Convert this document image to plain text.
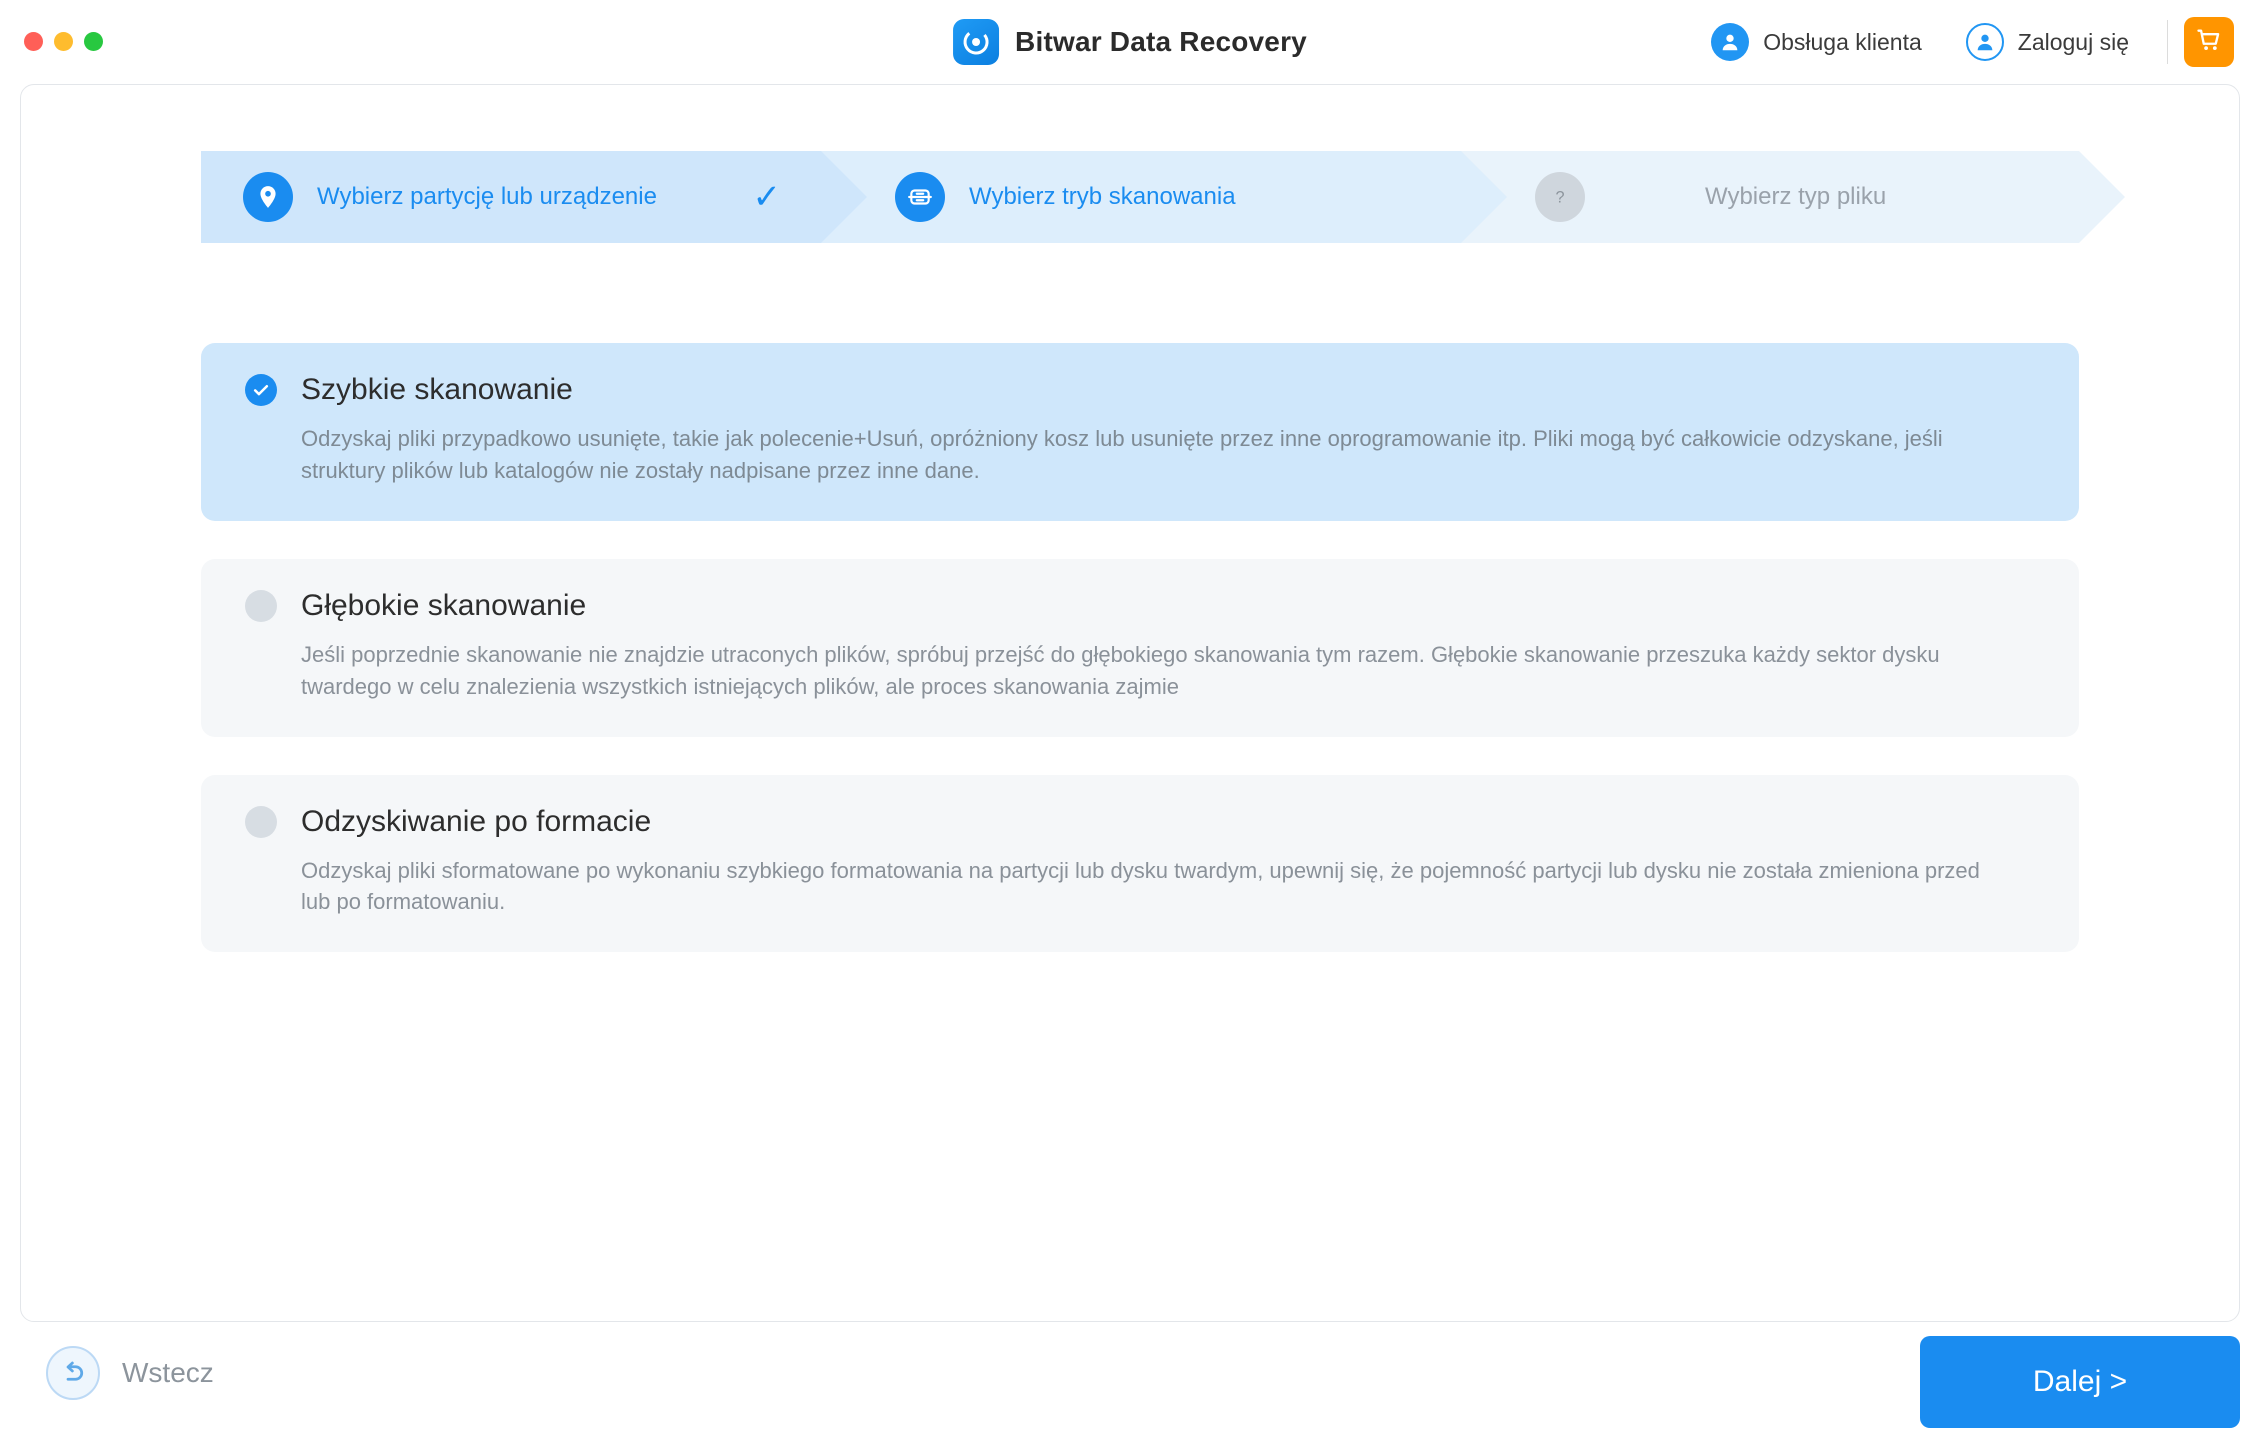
Bitwar Data Recovery	Obsługa klienta	Zaloguj się
Wybierz partycję lub urządzenie	✓	Wybierz tryb skanowania	?	Wybierz typ pliku
Szybkie skanowanie
Odzyskaj pliki przypadkowo usunięte, takie jak polecenie+Usuń, opróżniony kosz lub usunięte przez inne oprogramowanie itp. Pliki mogą być całkowicie odzyskane, jeśli struktury plików lub katalogów nie zostały nadpisane przez inne dane.
Głębokie skanowanie
Jeśli poprzednie skanowanie nie znajdzie utraconych plików, spróbuj przejść do głębokiego skanowania tym razem. Głębokie skanowanie przeszuka każdy sektor dysku twardego w celu znalezienia wszystkich istniejących plików, ale proces skanowania zajmie
Odzyskiwanie po formacie
Odzyskaj pliki sformatowane po wykonaniu szybkiego formatowania na partycji lub dysku twardym, upewnij się, że pojemność partycji lub dysku nie została zmieniona przed lub po formatowaniu.
Wstecz	Dalej >
